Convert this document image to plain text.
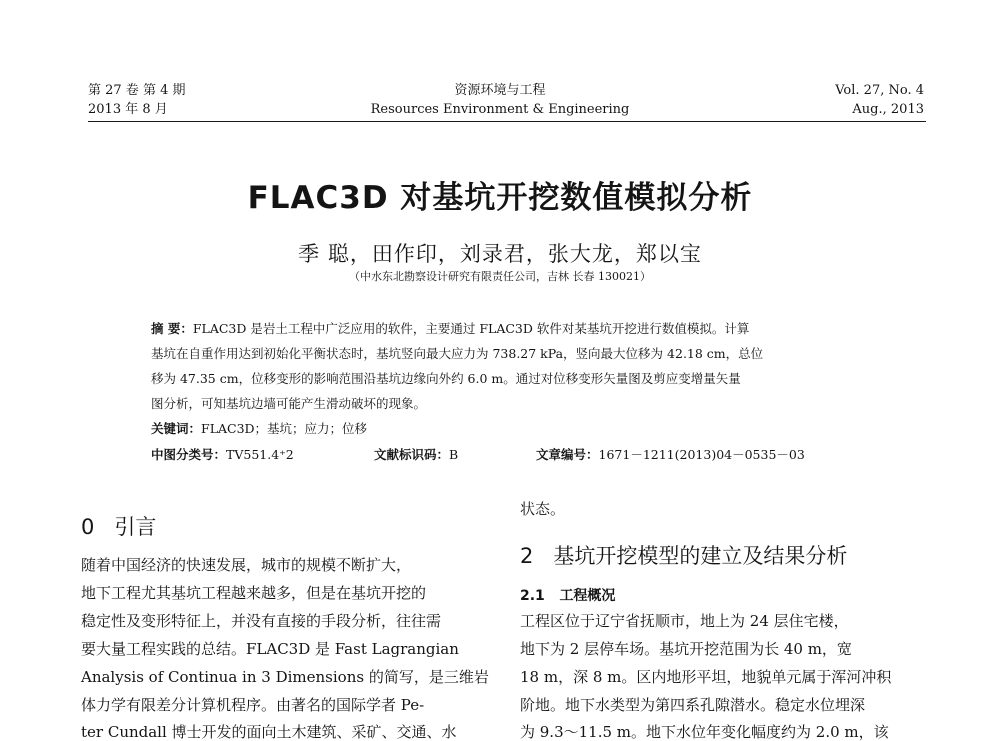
第 27 卷 第 4 期
2013 年 8 月
资源环境与工程
Resources Environment & Engineering
Vol. 27, No. 4
Aug., 2013
FLAC3D 对基坑开挖数值模拟分析
季 聪，田作印，刘录君，张大龙，郑以宝
（中水东北勘察设计研究有限责任公司，吉林 长春 130021）
摘 要：FLAC3D 是岩土工程中广泛应用的软件，主要通过 FLAC3D 软件对某基坑开挖进行数值模拟。计算
基坑在自重作用达到初始化平衡状态时，基坑竖向最大应力为 738.27 kPa，竖向最大位移为 42.18 cm，总位
移为 47.35 cm，位移变形的影响范围沿基坑边缘向外约 6.0 m。通过对位移变形矢量图及剪应变增量矢量
图分析，可知基坑边墙可能产生滑动破坏的现象。
关键词：FLAC3D；基坑；应力；位移
中图分类号：TV551.4⁺2	文献标识码：B	文章编号：1671－1211(2013)04－0535－03
0 引言
随着中国经济的快速发展，城市的规模不断扩大，
地下工程尤其基坑工程越来越多，但是在基坑开挖的
稳定性及变形特征上，并没有直接的手段分析，往往需
要大量工程实践的总结。FLAC3D 是 Fast Lagrangian
Analysis of Continua in 3 Dimensions 的简写，是三维岩
体力学有限差分计算机程序。由著名的国际学者 Pe-
ter Cundall 博士开发的面向土木建筑、采矿、交通、水
状态。
2 基坑开挖模型的建立及结果分析
2.1 工程概况
工程区位于辽宁省抚顺市，地上为 24 层住宅楼，
地下为 2 层停车场。基坑开挖范围为长 40 m，宽
18 m，深 8 m。区内地形平坦，地貌单元属于浑河冲积
阶地。地下水类型为第四系孔隙潜水。稳定水位埋深
为 9.3～11.5 m。地下水位年变化幅度约为 2.0 m，该
